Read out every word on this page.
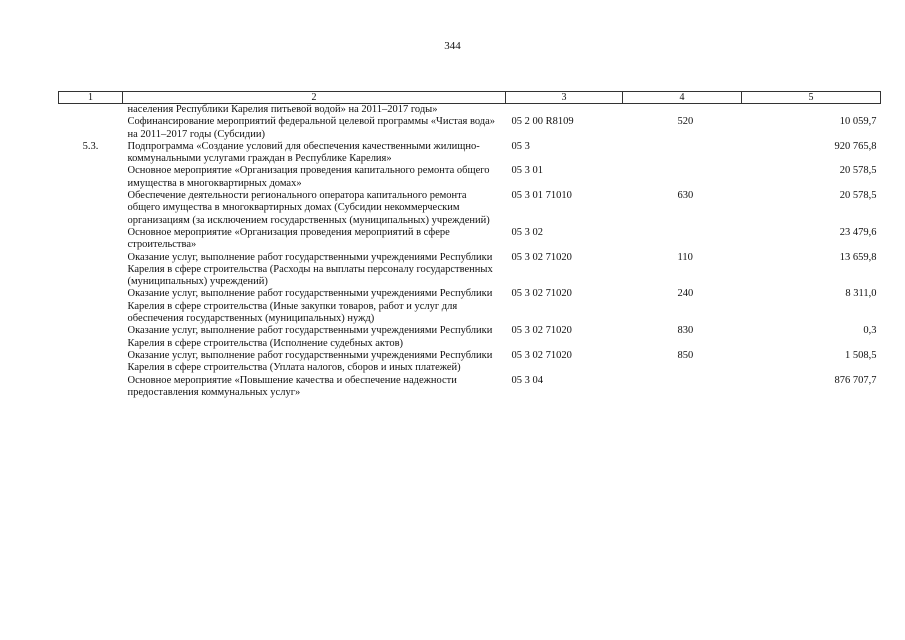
344
1	2	3	4	5
	населения Республики Карелия питьевой водой» на 2011–2017 годы»			
	Софинансирование мероприятий федеральной целевой программы «Чистая вода» на 2011–2017 годы (Субсидии)	05 2 00 R8109	520	10 059,7
5.3.	Подпрограмма «Создание условий для обеспечения качественными жилищно-коммунальными услугами граждан в Республике Карелия»	05 3		920 765,8
	Основное мероприятие «Организация проведения капитального ремонта общего имущества в многоквартирных домах»	05 3 01		20 578,5
	Обеспечение деятельности регионального оператора капитального ремонта общего имущества в многоквартирных домах (Субсидии некоммерческим организациям (за исключением государственных (муниципальных) учреждений)	05 3 01 71010	630	20 578,5
	Основное мероприятие «Организация проведения мероприятий в сфере строительства»	05 3 02		23 479,6
	Оказание услуг, выполнение работ государственными учреждениями Республики Карелия в сфере строительства (Расходы на выплаты персоналу государственных (муниципальных) учреждений)	05 3 02 71020	110	13 659,8
	Оказание услуг, выполнение работ государственными учреждениями Республики Карелия в сфере строительства (Иные закупки товаров, работ и услуг для обеспечения государственных (муниципальных) нужд)	05 3 02 71020	240	8 311,0
	Оказание услуг, выполнение работ государственными учреждениями Республики Карелия в сфере строительства (Исполнение судебных актов)	05 3 02 71020	830	0,3
	Оказание услуг, выполнение работ государственными учреждениями Республики Карелия в сфере строительства (Уплата налогов, сборов и иных платежей)	05 3 02 71020	850	1 508,5
	Основное мероприятие «Повышение качества и обеспечение надежности предоставления коммунальных услуг»	05 3 04		876 707,7
